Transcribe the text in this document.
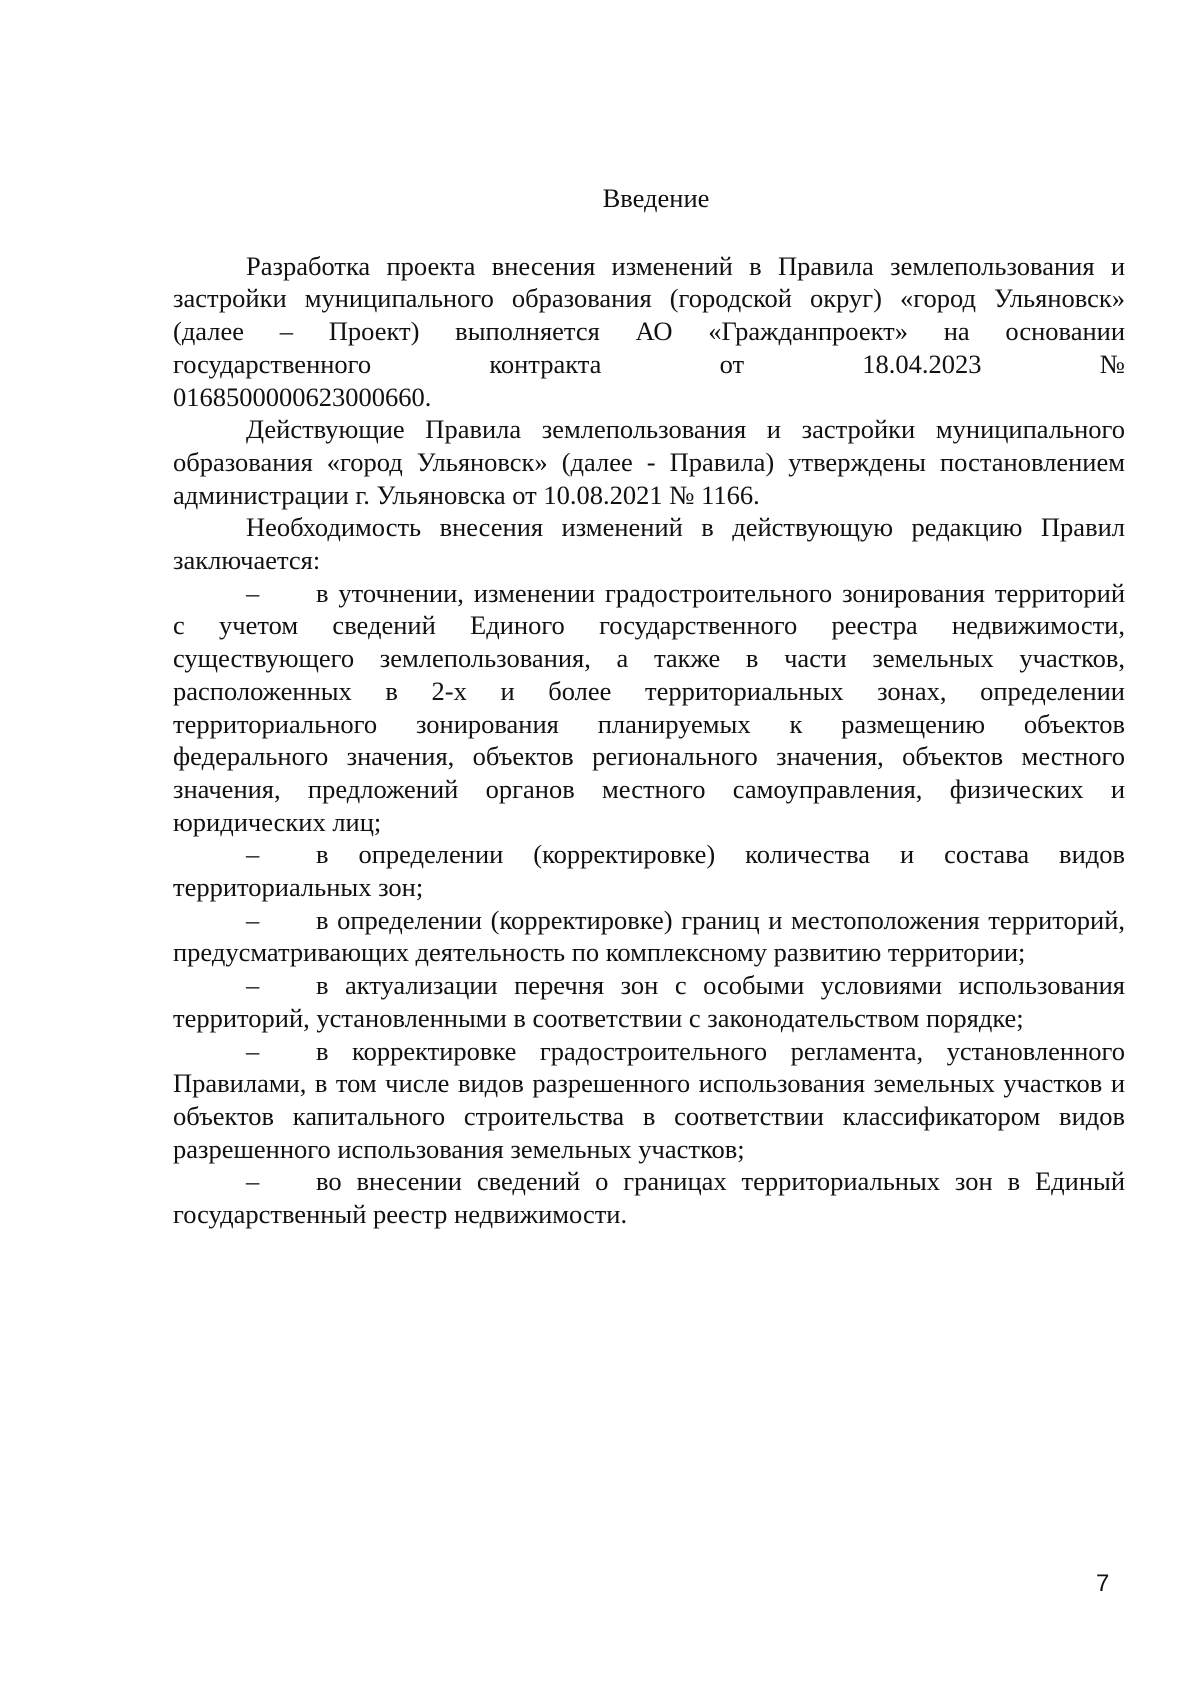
Введение

Разработка проекта внесения изменений в Правила землепользования и застройки муниципального образования (городской округ) «город Ульяновск» (далее – Проект) выполняется АО «Гражданпроект» на основании государственного контракта от 18.04.2023 №

0168500000623000660.

Действующие Правила землепользования и застройки муниципального образования «город Ульяновск» (далее - Правила) утверждены постановлением администрации г. Ульяновска от 10.08.2021 № 1166.

Необходимость внесения изменений в действующую редакцию Правил заключается:

– в уточнении, изменении градостроительного зонирования территорий с учетом сведений Единого государственного реестра недвижимости, существующего землепользования, а также в части земельных участков, расположенных в 2-х и более территориальных зонах, определении территориального зонирования планируемых к размещению объектов федерального значения, объектов регионального значения, объектов местного значения, предложений органов местного самоуправления, физических и юридических лиц;

– в определении (корректировке) количества и состава видов территориальных зон;

– в определении (корректировке) границ и местоположения территорий, предусматривающих деятельность по комплексному развитию территории;

– в актуализации перечня зон с особыми условиями использования территорий, установленными в соответствии с законодательством порядке;

– в корректировке градостроительного регламента, установленного Правилами, в том числе видов разрешенного использования земельных участков и объектов капитального строительства в соответствии классификатором видов разрешенного использования земельных участков;

– во внесении сведений о границах территориальных зон в Единый государственный реестр недвижимости.

7
